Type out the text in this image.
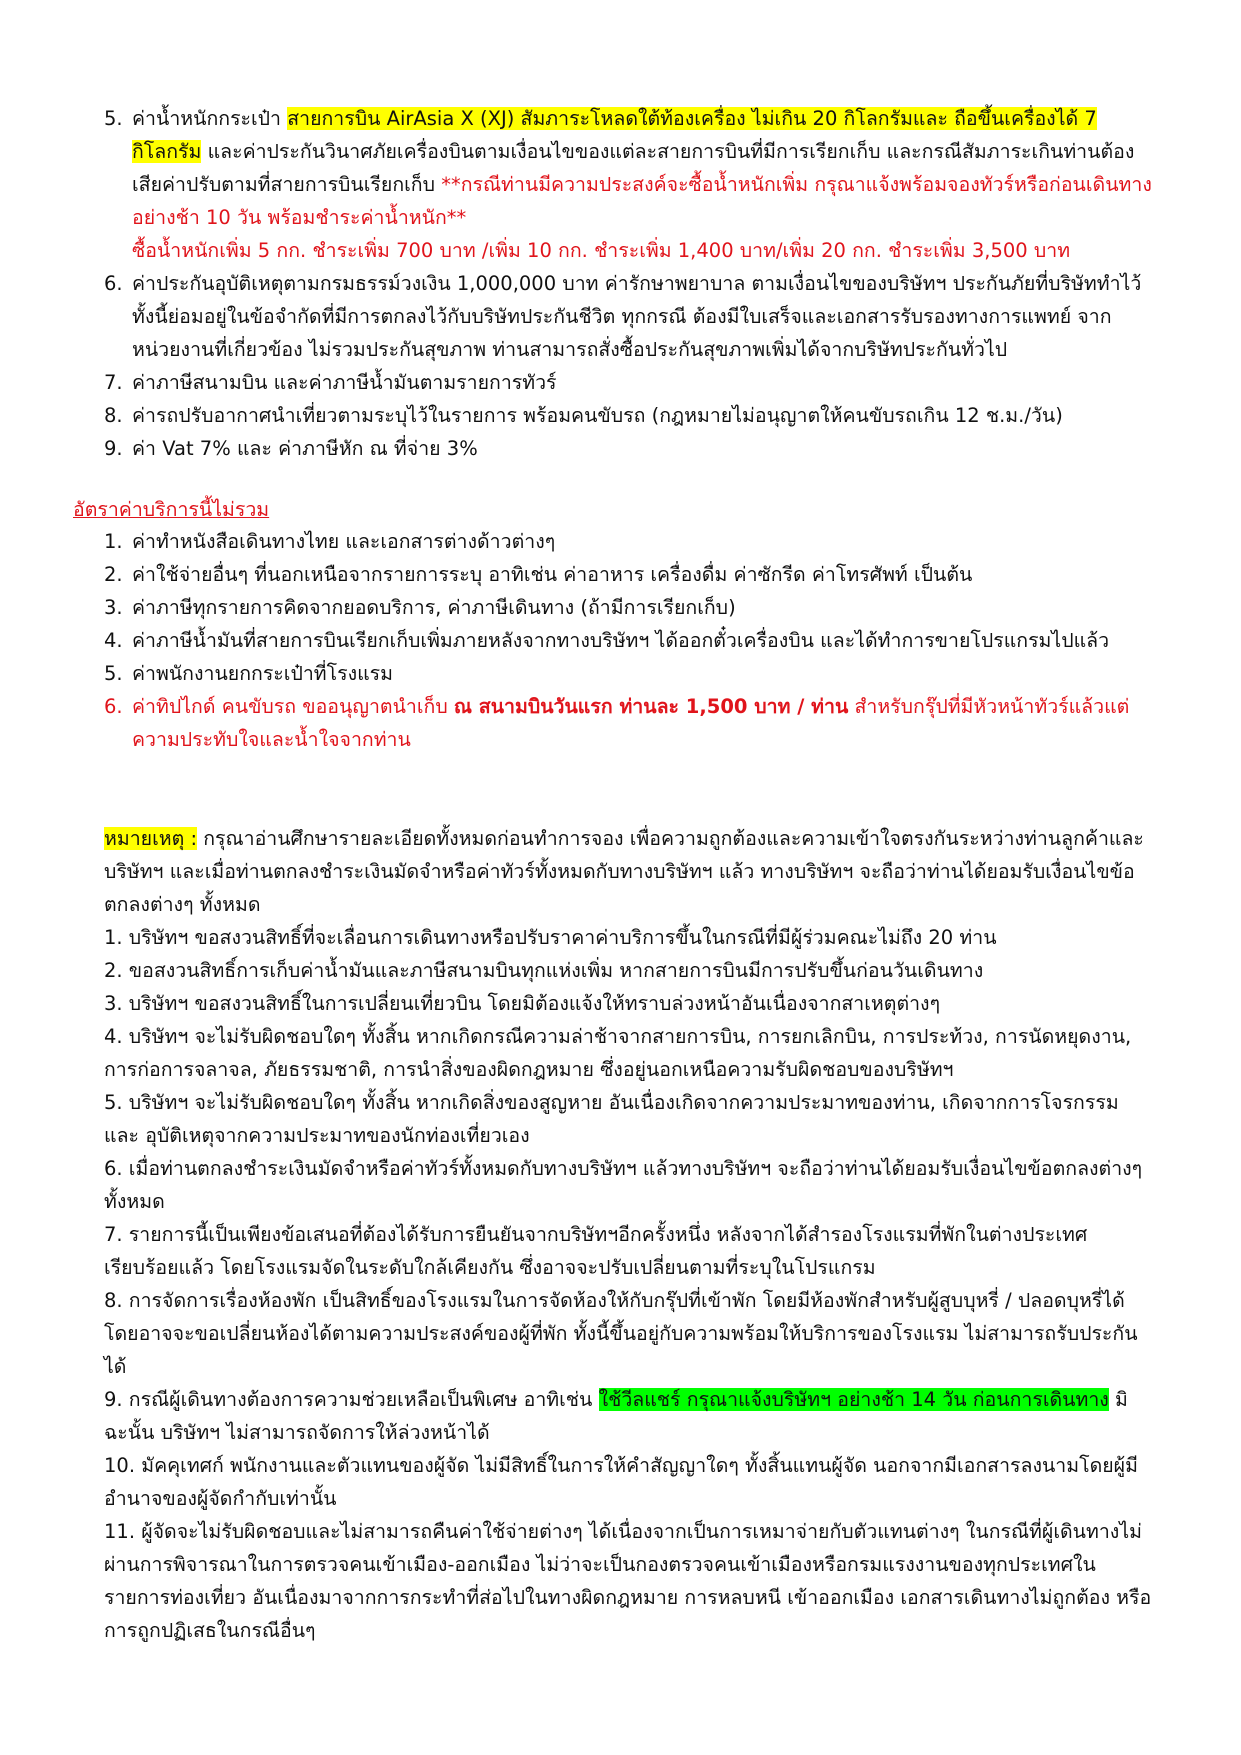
5. ค่าน้ำหนักกระเป๋า สายการบิน AirAsia X (XJ) สัมภาระโหลดใต้ท้องเครื่อง ไม่เกิน 20 กิโลกรัมและ ถือขึ้นเครื่องได้ 7 กิโลกรัม และค่าประกันวินาศภัยเครื่องบินตามเงื่อนไขของแต่ละสายการบินที่มีการเรียกเก็บ และกรณีสัมภาระเกินท่านต้องเสียค่าปรับตามที่สายการบินเรียกเก็บ **กรณีท่านมีความประสงค์จะซื้อน้ำหนักเพิ่ม กรุณาแจ้งพร้อมจองทัวร์หรือก่อนเดินทางอย่างช้า 10 วัน พร้อมชำระค่าน้ำหนัก**
ซื้อน้ำหนักเพิ่ม 5 กก. ชำระเพิ่ม 700 บาท /เพิ่ม 10 กก. ชำระเพิ่ม 1,400 บาท/เพิ่ม 20 กก. ชำระเพิ่ม 3,500 บาท
6. ค่าประกันอุบัติเหตุตามกรมธรรม์วงเงิน 1,000,000 บาท ค่ารักษาพยาบาล ตามเงื่อนไขของบริษัทฯ ประกันภัยที่บริษัททำไว้ ทั้งนี้ย่อมอยู่ในข้อจำกัดที่มีการตกลงไว้กับบริษัทประกันชีวิต ทุกกรณี ต้องมีใบเสร็จและเอกสารรับรองทางการแพทย์ จากหน่วยงานที่เกี่ยวข้อง ไม่รวมประกันสุขภาพ ท่านสามารถสั่งซื้อประกันสุขภาพเพิ่มได้จากบริษัทประกันทั่วไป
7. ค่าภาษีสนามบิน และค่าภาษีน้ำมันตามรายการทัวร์
8. ค่ารถปรับอากาศนำเที่ยวตามระบุไว้ในรายการ พร้อมคนขับรถ (กฎหมายไม่อนุญาตให้คนขับรถเกิน 12 ช.ม./วัน)
9. ค่า Vat 7% และ ค่าภาษีหัก ณ ที่จ่าย 3%
อัตราค่าบริการนี้ไม่รวม
1. ค่าทำหนังสือเดินทางไทย และเอกสารต่างด้าวต่างๆ
2. ค่าใช้จ่ายอื่นๆ ที่นอกเหนือจากรายการระบุ อาทิเช่น ค่าอาหาร เครื่องดื่ม ค่าซักรีด ค่าโทรศัพท์ เป็นต้น
3. ค่าภาษีทุกรายการคิดจากยอดบริการ, ค่าภาษีเดินทาง (ถ้ามีการเรียกเก็บ)
4. ค่าภาษีน้ำมันที่สายการบินเรียกเก็บเพิ่มภายหลังจากทางบริษัทฯ ได้ออกตั๋วเครื่องบิน และได้ทำการขายโปรแกรมไปแล้ว
5. ค่าพนักงานยกกระเป๋าที่โรงแรม
6. ค่าทิปไกด์ คนขับรถ ขออนุญาตนำเก็บ ณ สนามบินวันแรก ท่านละ 1,500 บาท / ท่าน สำหรับกรุ๊ปที่มีหัวหน้าทัวร์แล้วแต่ความประทับใจและน้ำใจจากท่าน

หมายเหตุ : กรุณาอ่านศึกษารายละเอียดทั้งหมดก่อนทำการจอง เพื่อความถูกต้องและความเข้าใจตรงกันระหว่างท่านลูกค้าและบริษัทฯ และเมื่อท่านตกลงชำระเงินมัดจำหรือค่าทัวร์ทั้งหมดกับทางบริษัทฯ แล้ว ทางบริษัทฯ จะถือว่าท่านได้ยอมรับเงื่อนไขข้อตกลงต่างๆ ทั้งหมด

1. บริษัทฯ ขอสงวนสิทธิ์ที่จะเลื่อนการเดินทางหรือปรับราคาค่าบริการขึ้นในกรณีที่มีผู้ร่วมคณะไม่ถึง 20 ท่าน

2. ขอสงวนสิทธิ์การเก็บค่าน้ำมันและภาษีสนามบินทุกแห่งเพิ่ม หากสายการบินมีการปรับขึ้นก่อนวันเดินทาง

3. บริษัทฯ ขอสงวนสิทธิ์ในการเปลี่ยนเที่ยวบิน โดยมิต้องแจ้งให้ทราบล่วงหน้าอันเนื่องจากสาเหตุต่างๆ

4. บริษัทฯ จะไม่รับผิดชอบใดๆ ทั้งสิ้น หากเกิดกรณีความล่าช้าจากสายการบิน, การยกเลิกบิน, การประท้วง, การนัดหยุดงาน, การก่อการจลาจล, ภัยธรรมชาติ, การนำสิ่งของผิดกฎหมาย ซึ่งอยู่นอกเหนือความรับผิดชอบของบริษัทฯ

5. บริษัทฯ จะไม่รับผิดชอบใดๆ ทั้งสิ้น หากเกิดสิ่งของสูญหาย อันเนื่องเกิดจากความประมาทของท่าน, เกิดจากการโจรกรรม และ อุบัติเหตุจากความประมาทของนักท่องเที่ยวเอง

6. เมื่อท่านตกลงชำระเงินมัดจำหรือค่าทัวร์ทั้งหมดกับทางบริษัทฯ แล้วทางบริษัทฯ จะถือว่าท่านได้ยอมรับเงื่อนไขข้อตกลงต่างๆ ทั้งหมด

7. รายการนี้เป็นเพียงข้อเสนอที่ต้องได้รับการยืนยันจากบริษัทฯอีกครั้งหนึ่ง หลังจากได้สำรองโรงแรมที่พักในต่างประเทศเรียบร้อยแล้ว โดยโรงแรมจัดในระดับใกล้เคียงกัน ซึ่งอาจจะปรับเปลี่ยนตามที่ระบุในโปรแกรม

8. การจัดการเรื่องห้องพัก เป็นสิทธิ์ของโรงแรมในการจัดห้องให้กับกรุ๊ปที่เข้าพัก โดยมีห้องพักสำหรับผู้สูบบุหรี่ / ปลอดบุหรี่ได้ โดยอาจจะขอเปลี่ยนห้องได้ตามความประสงค์ของผู้ที่พัก ทั้งนี้ขึ้นอยู่กับความพร้อมให้บริการของโรงแรม ไม่สามารถรับประกันได้

9. กรณีผู้เดินทางต้องการความช่วยเหลือเป็นพิเศษ อาทิเช่น ใช้วีลแชร์ กรุณาแจ้งบริษัทฯ อย่างช้า 14 วัน ก่อนการเดินทาง มิฉะนั้น บริษัทฯ ไม่สามารถจัดการให้ล่วงหน้าได้

10. มัคคุเทศก์ พนักงานและตัวแทนของผู้จัด ไม่มีสิทธิ์ในการให้คำสัญญาใดๆ ทั้งสิ้นแทนผู้จัด นอกจากมีเอกสารลงนามโดยผู้มีอำนาจของผู้จัดกำกับเท่านั้น

11. ผู้จัดจะไม่รับผิดชอบและไม่สามารถคืนค่าใช้จ่ายต่างๆ ได้เนื่องจากเป็นการเหมาจ่ายกับตัวแทนต่างๆ ในกรณีที่ผู้เดินทางไม่ผ่านการพิจารณาในการตรวจคนเข้าเมือง-ออกเมือง ไม่ว่าจะเป็นกองตรวจคนเข้าเมืองหรือกรมแรงงานของทุกประเทศในรายการท่องเที่ยว อันเนื่องมาจากการกระทำที่ส่อไปในทางผิดกฎหมาย การหลบหนี เข้าออกเมือง เอกสารเดินทางไม่ถูกต้อง หรือ การถูกปฏิเสธในกรณีอื่นๆ
